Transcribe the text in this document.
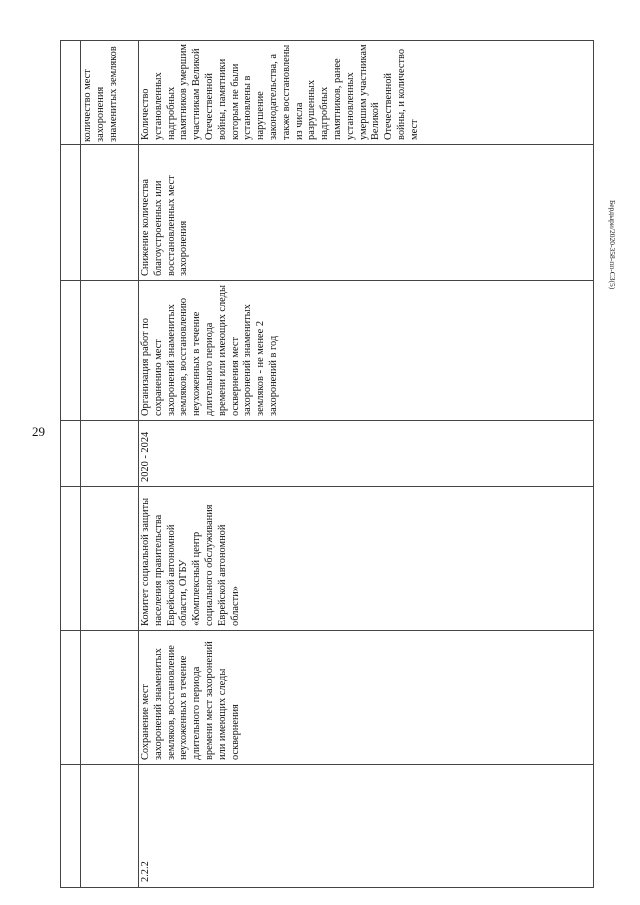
29
Бердыри/2020-358-пп-СЗ(5)

количество мест захоронения знаменитых земляков

2.2.2

Сохранение мест захоронений знаменитых земляков, восстановление неухоженных в течение длительного периода времени мест захоронений или имеющих следы осквернения

Комитет социальной защиты населения правительства Еврейской автономной области, ОГБУ «Комплексный центр социального обслуживания Еврейской автономной области»

2020 - 2024

Организация работ по сохранению мест захоронений знаменитых земляков, восстановлению неухоженных в течение длительного периода времени или имеющих следы осквернения мест захоронений знаменитых земляков - не менее 2 захоронений в год

Снижение количества благоустроенных или восстановленных мест захоронения

Количество установленных надгробных памятников умершим участникам Великой Отечественной войны, памятники которым не были установлены в нарушение законодательства, а также восстановлены из числа разрушенных надгробных памятников, ранее установленных умершим участникам Великой Отечественной войны, и количество мест
